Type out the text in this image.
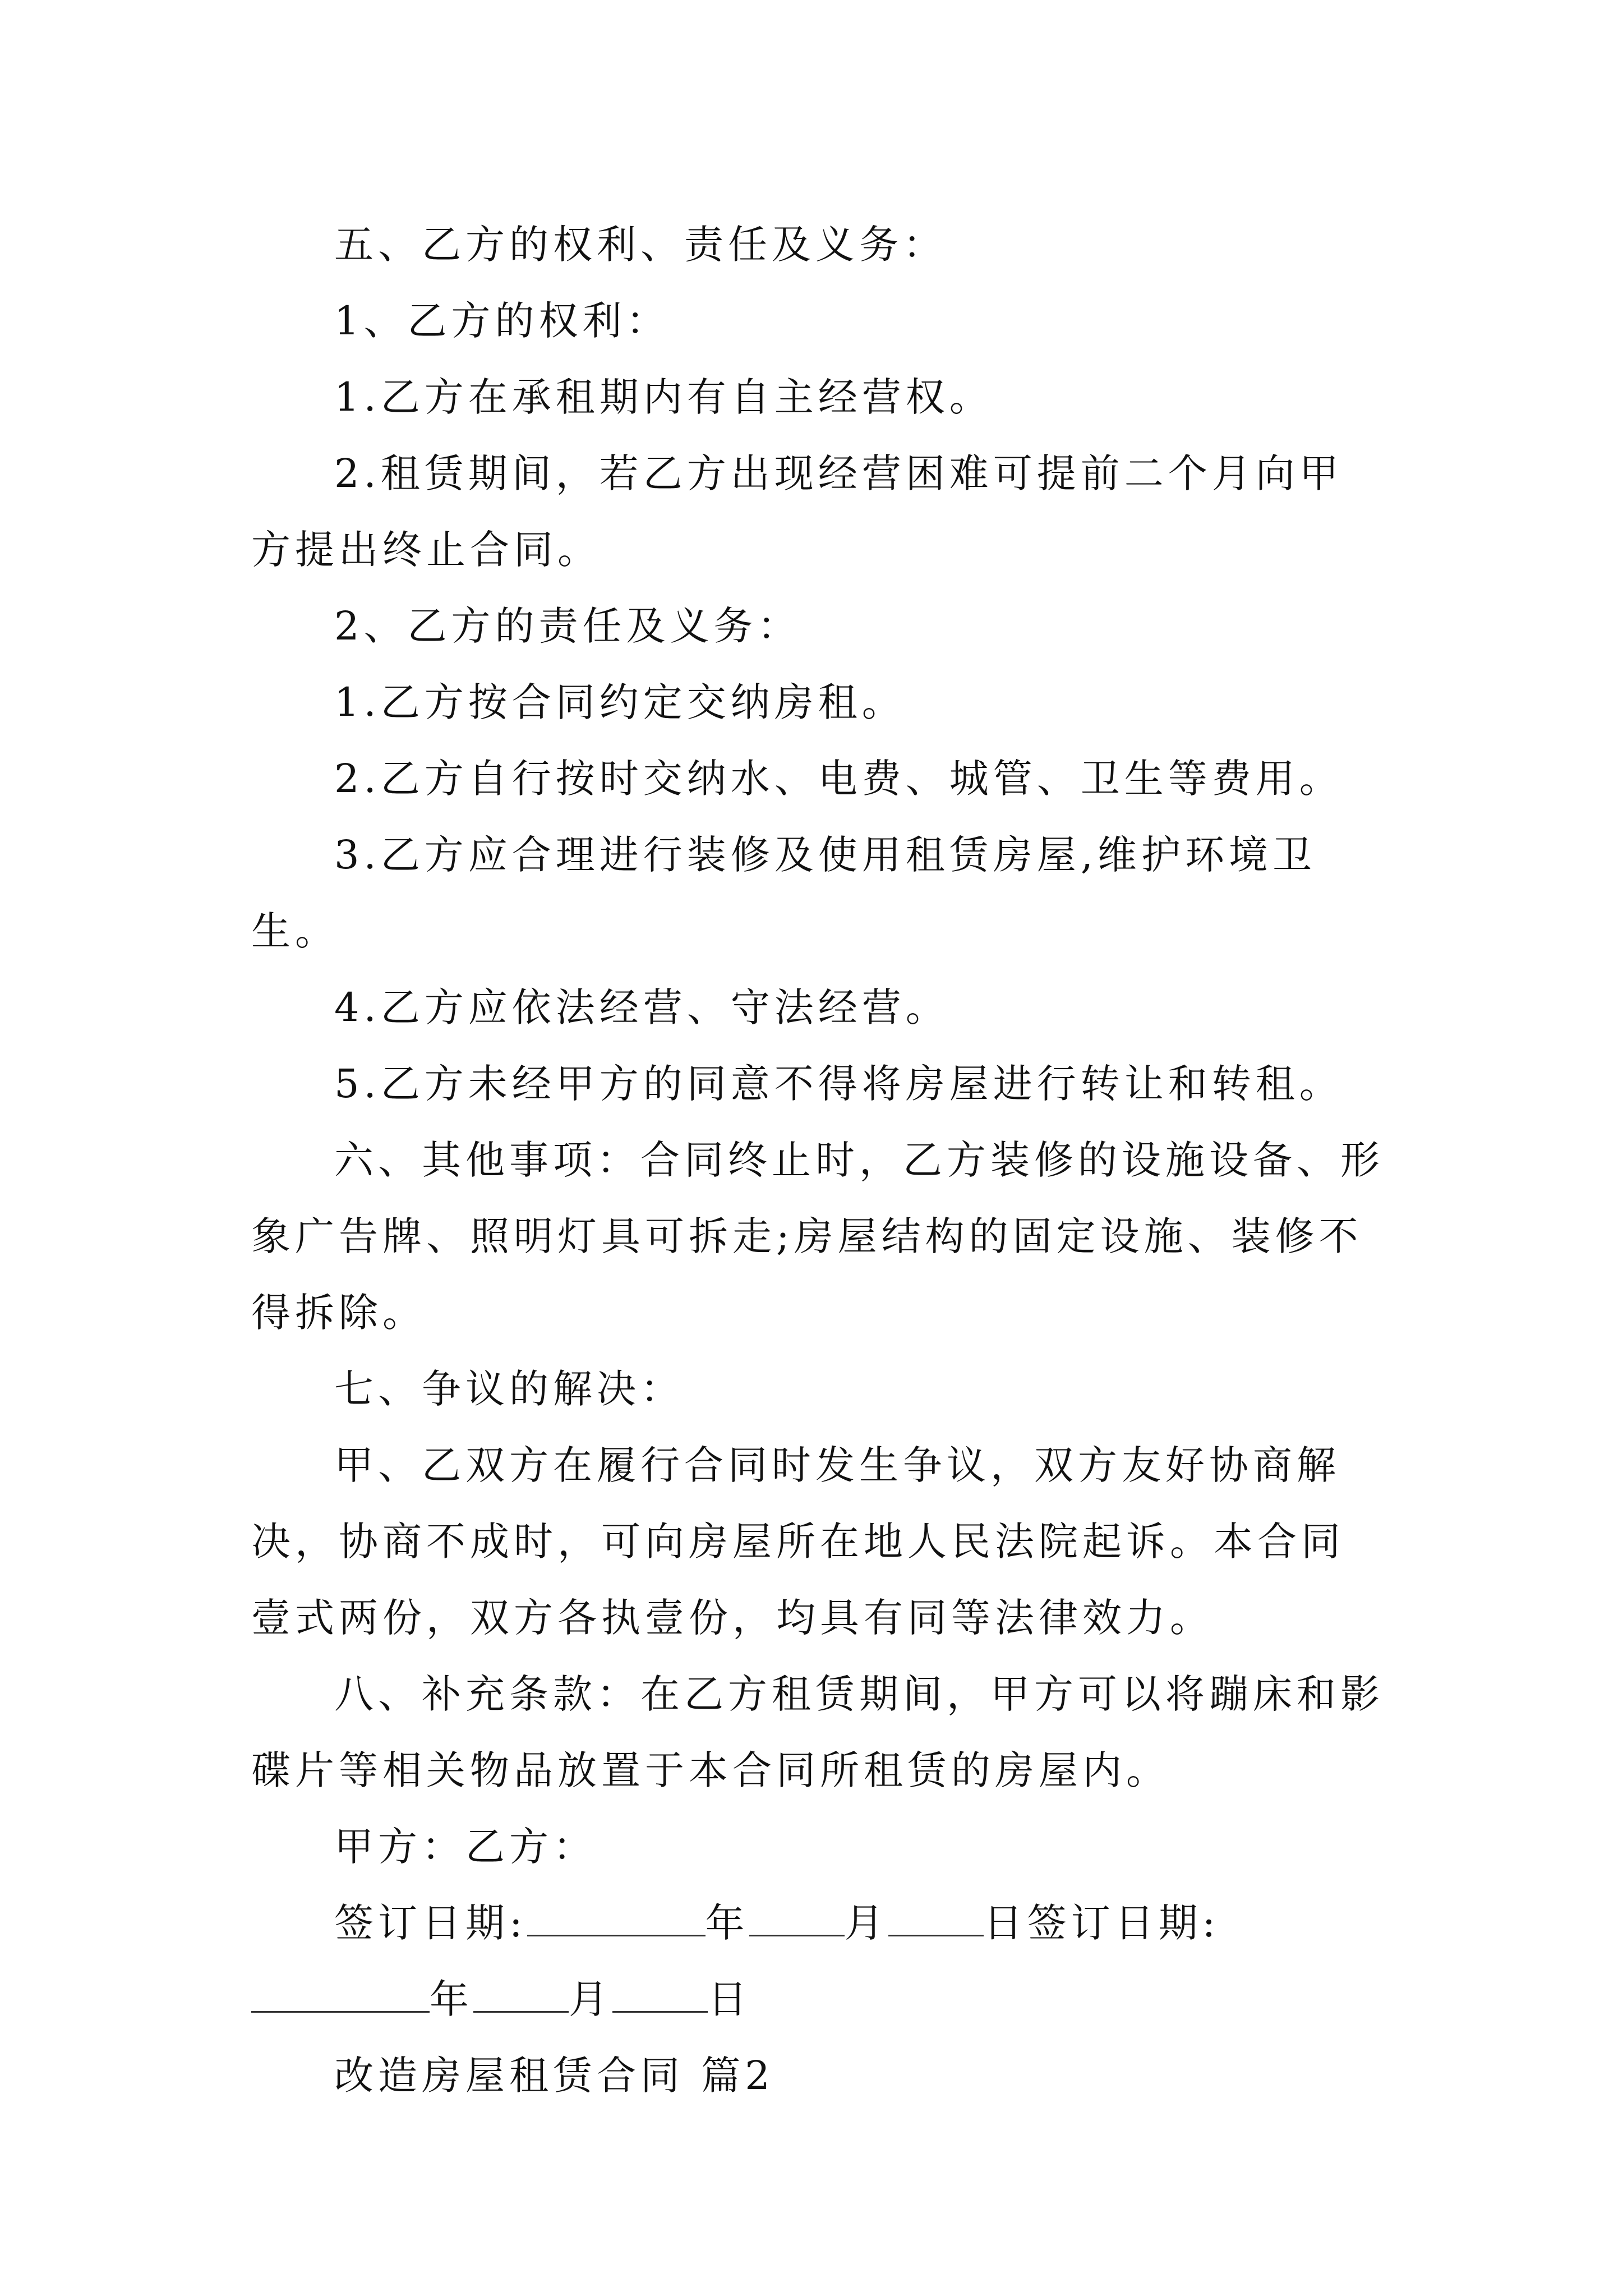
五、乙方的权利、责任及义务：

1、乙方的权利：

1.乙方在承租期内有自主经营权。

2.租赁期间，若乙方出现经营困难可提前二个月向甲方提出终止合同。

2、乙方的责任及义务：

1.乙方按合同约定交纳房租。

2.乙方自行按时交纳水、电费、城管、卫生等费用。

3.乙方应合理进行装修及使用租赁房屋,维护环境卫生。

4.乙方应依法经营、守法经营。

5.乙方未经甲方的同意不得将房屋进行转让和转租。

六、其他事项：合同终止时，乙方装修的设施设备、形象广告牌、照明灯具可拆走;房屋结构的固定设施、装修不得拆除。

七、争议的解决：

甲、乙双方在履行合同时发生争议，双方友好协商解决，协商不成时，可向房屋所在地人民法院起诉。本合同壹式两份，双方各执壹份，均具有同等法律效力。

八、补充条款：在乙方租赁期间，甲方可以将蹦床和影碟片等相关物品放置于本合同所租赁的房屋内。

甲方：乙方：

签订日期:	年 月 日签订日期:年 月 日

改造房屋租赁合同 篇2
